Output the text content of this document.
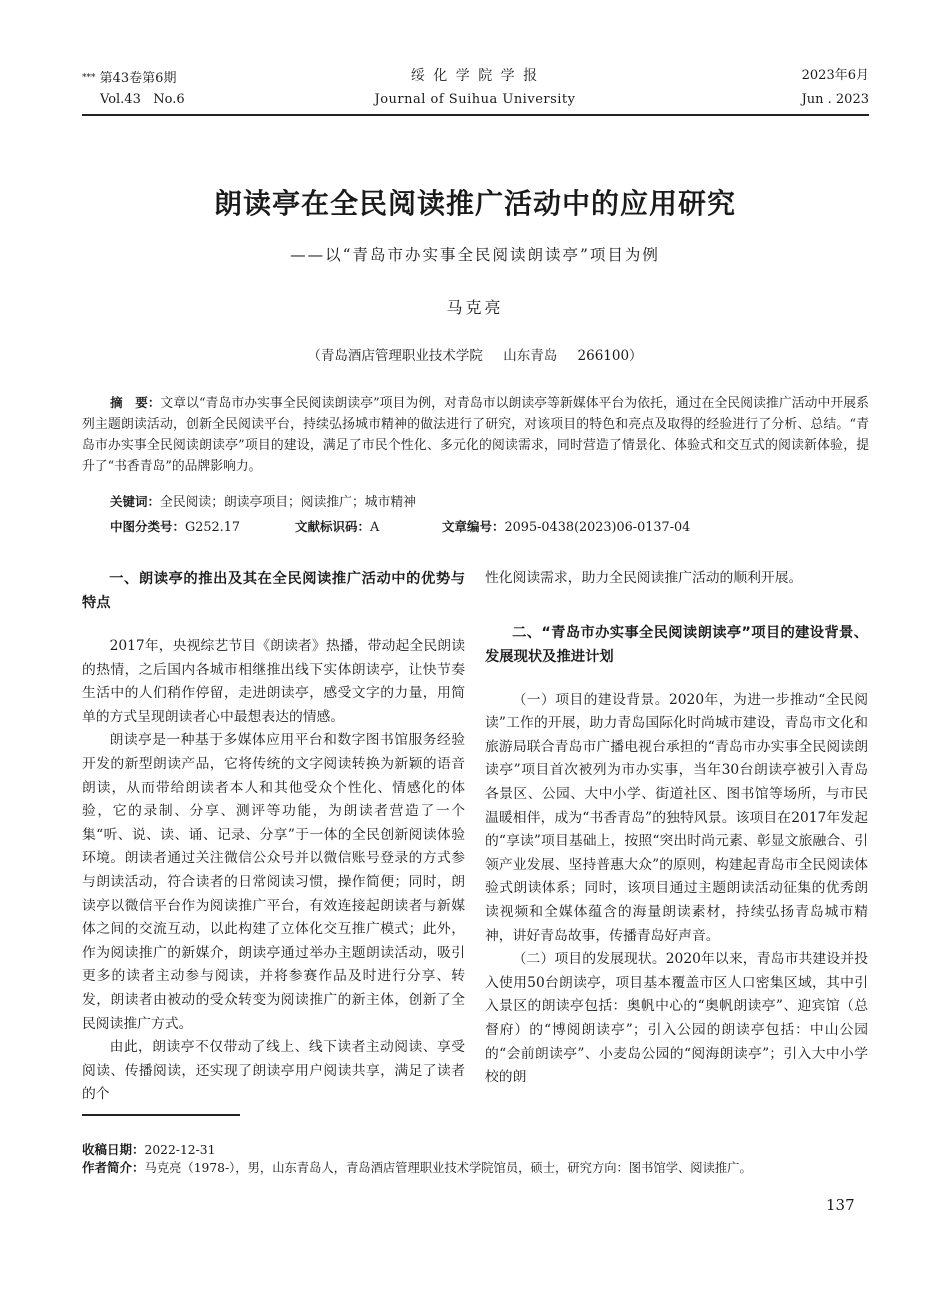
*** 第43卷第6期
Vol.43   No.6
绥 化 学 院 学 报
Journal of Suihua University
2023年6月
Jun . 2023
朗读亭在全民阅读推广活动中的应用研究
——以“青岛市办实事全民阅读朗读亭”项目为例
马克亮
（青岛酒店管理职业技术学院 山东青岛 266100）
摘　要：文章以“青岛市办实事全民阅读朗读亭”项目为例，对青岛市以朗读亭等新媒体平台为依托，通过在全民阅读推广活动中开展系列主题朗读活动，创新全民阅读平台，持续弘扬城市精神的做法进行了研究，对该项目的特色和亮点及取得的经验进行了分析、总结。“青岛市办实事全民阅读朗读亭”项目的建设，满足了市民个性化、多元化的阅读需求，同时营造了情景化、体验式和交互式的阅读新体验，提升了“书香青岛”的品牌影响力。
关键词：全民阅读；朗读亭项目；阅读推广；城市精神
中图分类号：G252.17	文献标识码：A	文章编号：2095-0438(2023)06-0137-04
一、朗读亭的推出及其在全民阅读推广活动中的优势与特点

2017年，央视综艺节目《朗读者》热播，带动起全民朗读的热情，之后国内各城市相继推出线下实体朗读亭，让快节奏生活中的人们稍作停留，走进朗读亭，感受文字的力量，用简单的方式呈现朗读者心中最想表达的情感。

朗读亭是一种基于多媒体应用平台和数字图书馆服务经验开发的新型朗读产品，它将传统的文字阅读转换为新颖的语音朗读，从而带给朗读者本人和其他受众个性化、情感化的体验，它的录制、分享、测评等功能，为朗读者营造了一个集“听、说、读、诵、记录、分享”于一体的全民创新阅读体验环境。朗读者通过关注微信公众号并以微信账号登录的方式参与朗读活动，符合读者的日常阅读习惯，操作简便；同时，朗读亭以微信平台作为阅读推广平台，有效连接起朗读者与新媒体之间的交流互动，以此构建了立体化交互推广模式；此外，作为阅读推广的新媒介，朗读亭通过举办主题朗读活动，吸引更多的读者主动参与阅读，并将参赛作品及时进行分享、转发，朗读者由被动的受众转变为阅读推广的新主体，创新了全民阅读推广方式。

由此，朗读亭不仅带动了线上、线下读者主动阅读、享受阅读、传播阅读，还实现了朗读亭用户阅读共享，满足了读者的个

性化阅读需求，助力全民阅读推广活动的顺利开展。

二、“青岛市办实事全民阅读朗读亭”项目的建设背景、发展现状及推进计划

（一）项目的建设背景。2020年，为进一步推动“全民阅读”工作的开展，助力青岛国际化时尚城市建设，青岛市文化和旅游局联合青岛市广播电视台承担的“青岛市办实事全民阅读朗读亭”项目首次被列为市办实事，当年30台朗读亭被引入青岛各景区、公园、大中小学、街道社区、图书馆等场所，与市民温暖相伴，成为“书香青岛”的独特风景。该项目在2017年发起的“享读”项目基础上，按照“突出时尚元素、彰显文旅融合、引领产业发展、坚持普惠大众”的原则，构建起青岛市全民阅读体验式朗读体系；同时，该项目通过主题朗读活动征集的优秀朗读视频和全媒体蕴含的海量朗读素材，持续弘扬青岛城市精神，讲好青岛故事，传播青岛好声音。

（二）项目的发展现状。2020年以来，青岛市共建设并投入使用50台朗读亭，项目基本覆盖市区人口密集区域，其中引入景区的朗读亭包括：奥帆中心的“奥帆朗读亭”、迎宾馆（总督府）的“博阅朗读亭”；引入公园的朗读亭包括：中山公园的“会前朗读亭”、小麦岛公园的“阅海朗读亭”；引入大中小学校的朗

收稿日期：2022-12-31
作者简介：马克亮（1978-），男，山东青岛人，青岛酒店管理职业技术学院馆员，硕士，研究方向：图书馆学、阅读推广。
137
